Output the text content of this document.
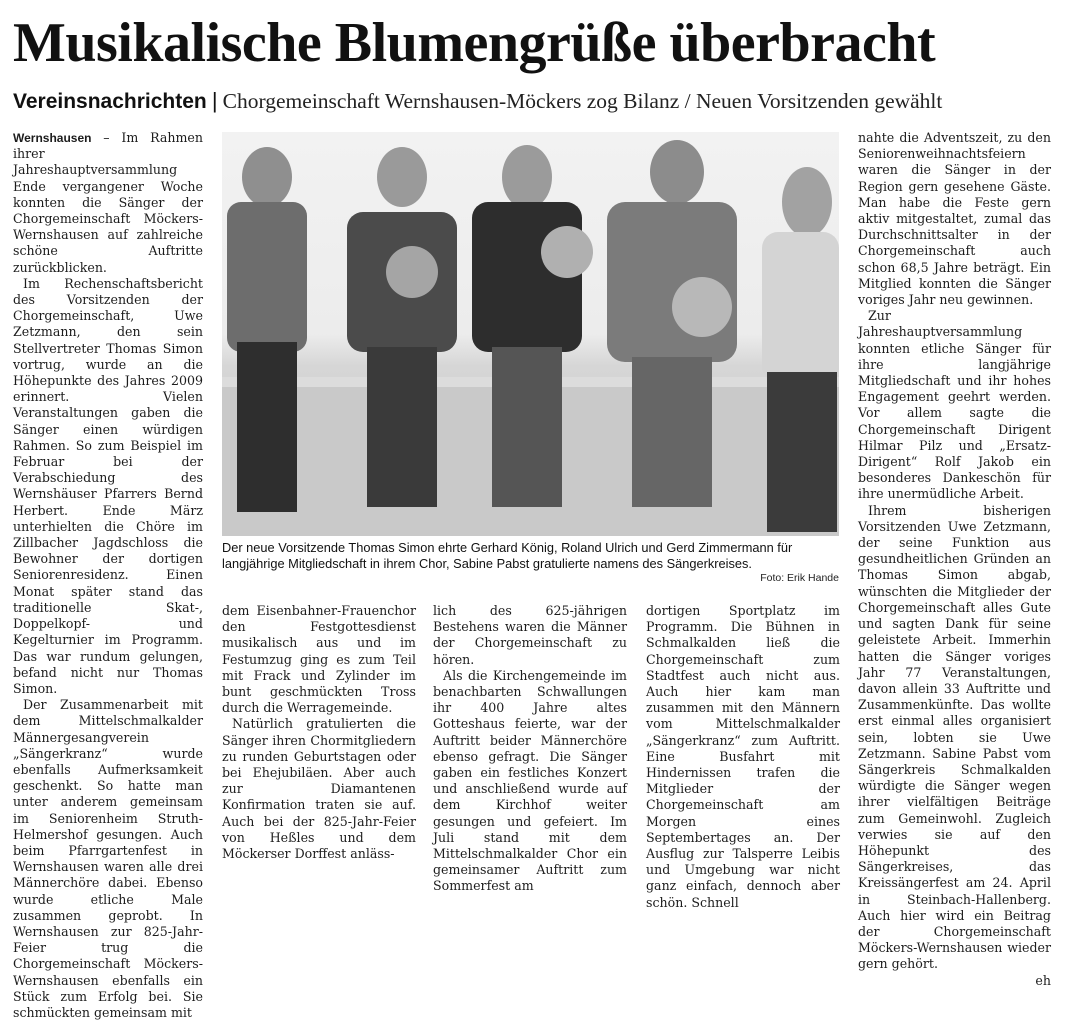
Musikalische Blumengrüße überbracht
Vereinsnachrichten | Chorgemeinschaft Wernshausen-Möckers zog Bilanz / Neuen Vorsitzenden gewählt

Wernshausen – Im Rahmen ihrer Jahreshauptversammlung Ende vergangener Woche konnten die Sänger der Chorgemeinschaft Möckers-Wernshausen auf zahlreiche schöne Auftritte zurückblicken.

Im Rechenschaftsbericht des Vorsitzenden der Chorgemeinschaft, Uwe Zetzmann, den sein Stellvertreter Thomas Simon vortrug, wurde an die Höhepunkte des Jahres 2009 erinnert. Vielen Veranstaltungen gaben die Sänger einen würdigen Rahmen. So zum Beispiel im Februar bei der Verabschiedung des Wernshäuser Pfarrers Bernd Herbert. Ende März unterhielten die Chöre im Zillbacher Jagdschloss die Bewohner der dortigen Seniorenresidenz. Einen Monat später stand das traditionelle Skat-, Doppelkopf- und Kegelturnier im Programm. Das war rundum gelungen, befand nicht nur Thomas Simon.

Der Zusammenarbeit mit dem Mittelschmalkalder Männergesangverein „Sängerkranz“ wurde ebenfalls Aufmerksamkeit geschenkt. So hatte man unter anderem gemeinsam im Seniorenheim Struth-Helmershof gesungen. Auch beim Pfarrgartenfest in Wernshausen waren alle drei Männerchöre dabei. Ebenso wurde etliche Male zusammen geprobt. In Wernshausen zur 825-Jahr-Feier trug die Chorgemeinschaft Möckers-Wernshausen ebenfalls ein Stück zum Erfolg bei. Sie schmückten gemeinsam mit

Der neue Vorsitzende Thomas Simon ehrte Gerhard König, Roland Ulrich und Gerd Zimmermann für langjährige Mitgliedschaft in ihrem Chor, Sabine Pabst gratulierte namens des Sängerkreises.
Foto: Erik Hande

dem Eisenbahner-Frauenchor den Festgottesdienst musikalisch aus und im Festumzug ging es zum Teil mit Frack und Zylinder im bunt geschmückten Tross durch die Werragemeinde.

Natürlich gratulierten die Sänger ihren Chormitgliedern zu runden Geburtstagen oder bei Ehejubiläen. Aber auch zur Diamantenen Konfirmation traten sie auf. Auch bei der 825-Jahr-Feier von Heßles und dem Möckerser Dorffest anläss-

lich des 625-jährigen Bestehens waren die Männer der Chorgemeinschaft zu hören.

Als die Kirchengemeinde im benachbarten Schwallungen ihr 400 Jahre altes Gotteshaus feierte, war der Auftritt beider Männerchöre ebenso gefragt. Die Sänger gaben ein festliches Konzert und anschließend wurde auf dem Kirchhof weiter gesungen und gefeiert. Im Juli stand mit dem Mittelschmalkalder Chor ein gemeinsamer Auftritt zum Sommerfest am

dortigen Sportplatz im Programm. Die Bühnen in Schmalkalden ließ die Chorgemeinschaft zum Stadtfest auch nicht aus. Auch hier kam man zusammen mit den Männern vom Mittelschmalkalder „Sängerkranz“ zum Auftritt. Eine Busfahrt mit Hindernissen trafen die Mitglieder der Chorgemeinschaft am Morgen eines Septembertages an. Der Ausflug zur Talsperre Leibis und Umgebung war nicht ganz einfach, dennoch aber schön. Schnell

nahte die Adventszeit, zu den Seniorenweihnachtsfeiern waren die Sänger in der Region gern gesehene Gäste. Man habe die Feste gern aktiv mitgestaltet, zumal das Durchschnittsalter in der Chorgemeinschaft auch schon 68,5 Jahre beträgt. Ein Mitglied konnten die Sänger voriges Jahr neu gewinnen.

Zur Jahreshauptversammlung konnten etliche Sänger für ihre langjährige Mitgliedschaft und ihr hohes Engagement geehrt werden. Vor allem sagte die Chorgemeinschaft Dirigent Hilmar Pilz und „Ersatz-Dirigent“ Rolf Jakob ein besonderes Dankeschön für ihre unermüdliche Arbeit.

Ihrem bisherigen Vorsitzenden Uwe Zetzmann, der seine Funktion aus gesundheitlichen Gründen an Thomas Simon abgab, wünschten die Mitglieder der Chorgemeinschaft alles Gute und sagten Dank für seine geleistete Arbeit. Immerhin hatten die Sänger voriges Jahr 77 Veranstaltungen, davon allein 33 Auftritte und Zusammenkünfte. Das wollte erst einmal alles organisiert sein, lobten sie Uwe Zetzmann. Sabine Pabst vom Sängerkreis Schmalkalden würdigte die Sänger wegen ihrer vielfältigen Beiträge zum Gemeinwohl. Zugleich verwies sie auf den Höhepunkt des Sängerkreises, das Kreissängerfest am 24. April in Steinbach-Hallenberg. Auch hier wird ein Beitrag der Chorgemeinschaft Möckers-Wernshausen wieder gern gehört.

eh
